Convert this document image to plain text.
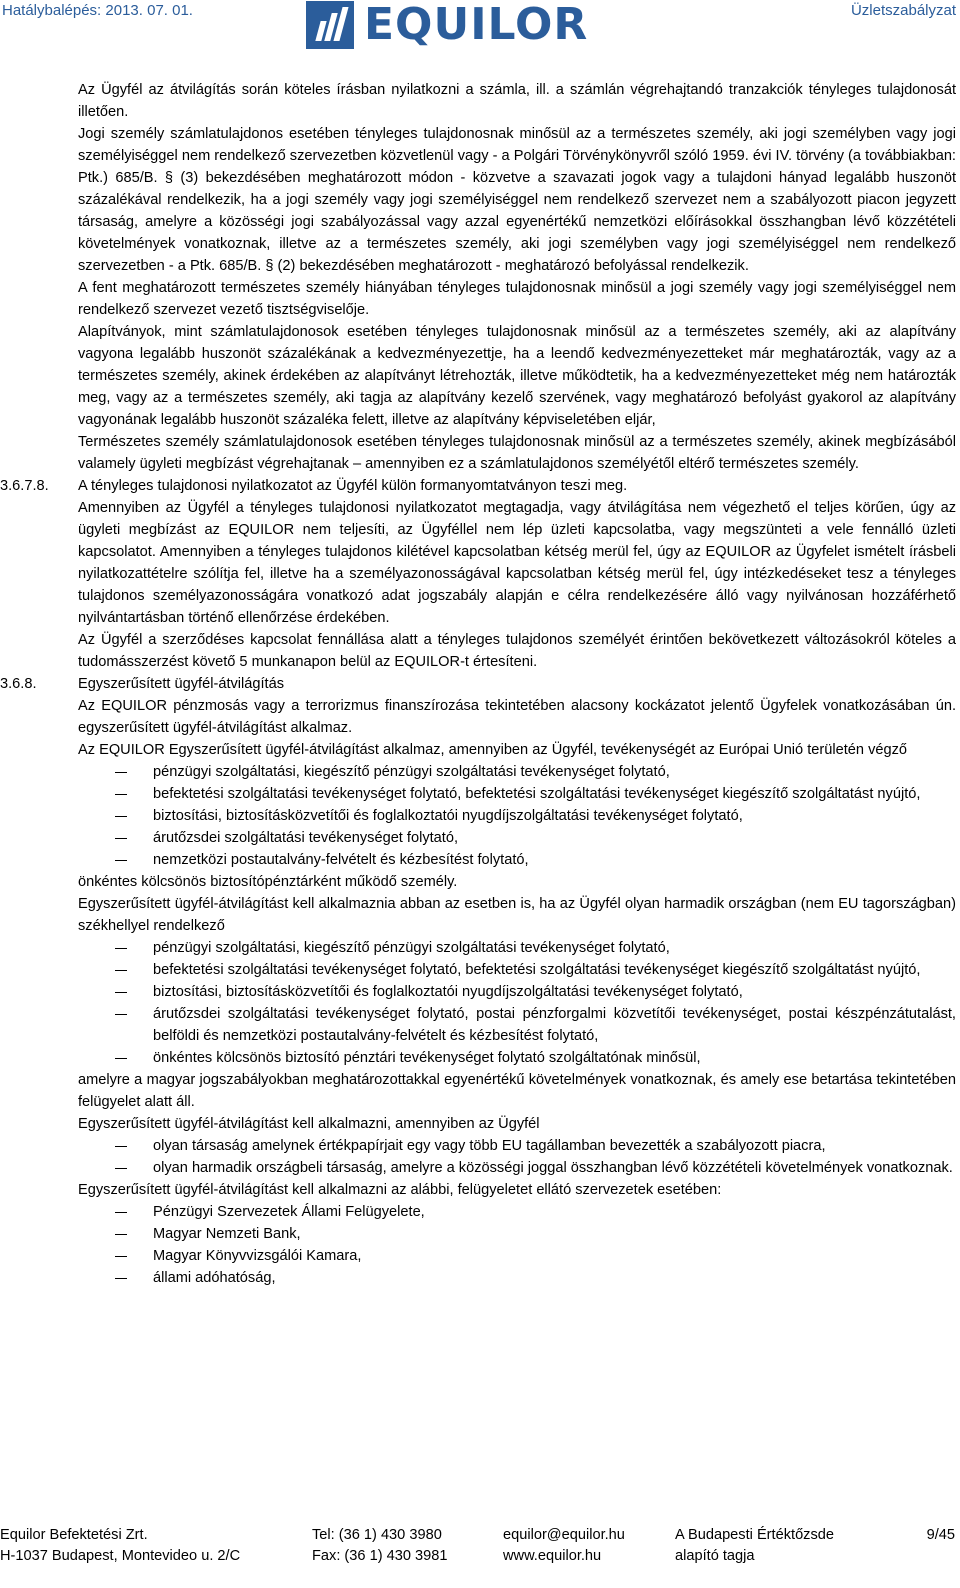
Hatálybalépés: 2013. 07. 01.	EQUILOR	Üzletszabályzat
Az Ügyfél az átvilágítás során köteles írásban nyilatkozni a számla, ill. a számlán végrehajtandó tranzakciók tényleges tulajdonosát illetően.
Jogi személy számlatulajdonos esetében tényleges tulajdonosnak minősül az a természetes személy, aki jogi személyben vagy jogi személyiséggel nem rendelkező szervezetben közvetlenül vagy - a Polgári Törvénykönyvről szóló 1959. évi IV. törvény (a továbbiakban: Ptk.) 685/B. § (3) bekezdésében meghatározott módon - közvetve a szavazati jogok vagy a tulajdoni hányad legalább huszonöt százalékával rendelkezik, ha a jogi személy vagy jogi személyiséggel nem rendelkező szervezet nem a szabályozott piacon jegyzett társaság, amelyre a közösségi jogi szabályozással vagy azzal egyenértékű nemzetközi előírásokkal összhangban lévő közzétételi követelmények vonatkoznak, illetve az a természetes személy, aki jogi személyben vagy jogi személyiséggel nem rendelkező szervezetben - a Ptk. 685/B. § (2) bekezdésében meghatározott - meghatározó befolyással rendelkezik.
A fent meghatározott természetes személy hiányában tényleges tulajdonosnak minősül a jogi személy vagy jogi személyiséggel nem rendelkező szervezet vezető tisztségviselője.
Alapítványok, mint számlatulajdonosok esetében tényleges tulajdonosnak minősül az a természetes személy, aki az alapítvány vagyona legalább huszonöt százalékának a kedvezményezettje, ha a leendő kedvezményezetteket már meghatározták, vagy az a természetes személy, akinek érdekében az alapítványt létrehozták, illetve működtetik, ha a kedvezményezetteket még nem határozták meg, vagy az a természetes személy, aki tagja az alapítvány kezelő szervének, vagy meghatározó befolyást gyakorol az alapítvány vagyonának legalább huszonöt százaléka felett, illetve az alapítvány képviseletében eljár,
Természetes személy számlatulajdonosok esetében tényleges tulajdonosnak minősül az a természetes személy, akinek megbízásából valamely ügyleti megbízást végrehajtanak – amennyiben ez a számlatulajdonos személyétől eltérő természetes személy.
3.6.7.8. A tényleges tulajdonosi nyilatkozatot az Ügyfél külön formanyomtatványon teszi meg.
Amennyiben az Ügyfél a tényleges tulajdonosi nyilatkozatot megtagadja, vagy átvilágítása nem végezhető el teljes körűen, úgy az ügyleti megbízást az EQUILOR nem teljesíti, az Ügyféllel nem lép üzleti kapcsolatba, vagy megszünteti a vele fennálló üzleti kapcsolatot. Amennyiben a tényleges tulajdonos kilétével kapcsolatban kétség merül fel, úgy az EQUILOR az Ügyfelet ismételt írásbeli nyilatkozattételre szólítja fel, illetve ha a személyazonosságával kapcsolatban kétség merül fel, úgy intézkedéseket tesz a tényleges tulajdonos személyazonosságára vonatkozó adat jogszabály alapján e célra rendelkezésére álló vagy nyilvánosan hozzáférhető nyilvántartásban történő ellenőrzése érdekében.
Az Ügyfél a szerződéses kapcsolat fennállása alatt a tényleges tulajdonos személyét érintően bekövetkezett változásokról köteles a tudomásszerzést követő 5 munkanapon belül az EQUILOR-t értesíteni.
3.6.8.	Egyszerűsített ügyfél-átvilágítás
Az EQUILOR pénzmosás vagy a terrorizmus finanszírozása tekintetében alacsony kockázatot jelentő Ügyfelek vonatkozásában ún. egyszerűsített ügyfél-átvilágítást alkalmaz.
Az EQUILOR Egyszerűsített ügyfél-átvilágítást alkalmaz, amennyiben az Ügyfél, tevékenységét az Európai Unió területén végző
pénzügyi szolgáltatási, kiegészítő pénzügyi szolgáltatási tevékenységet folytató,
befektetési szolgáltatási tevékenységet folytató, befektetési szolgáltatási tevékenységet kiegészítő szolgáltatást nyújtó,
biztosítási, biztosításközvetítői és foglalkoztatói nyugdíjszolgáltatási tevékenységet folytató,
árutőzsdei szolgáltatási tevékenységet folytató,
nemzetközi postautalvány-felvételt és kézbesítést folytató,
önkéntes kölcsönös biztosítópénztárként működő személy.
Egyszerűsített ügyfél-átvilágítást kell alkalmaznia abban az esetben is, ha az Ügyfél olyan harmadik országban (nem EU tagországban) székhellyel rendelkező
pénzügyi szolgáltatási, kiegészítő pénzügyi szolgáltatási tevékenységet folytató,
befektetési szolgáltatási tevékenységet folytató, befektetési szolgáltatási tevékenységet kiegészítő szolgáltatást nyújtó,
biztosítási, biztosításközvetítői és foglalkoztatói nyugdíjszolgáltatási tevékenységet folytató,
árutőzsdei szolgáltatási tevékenységet folytató, postai pénzforgalmi közvetítői tevékenységet, postai készpénzátutalást, belföldi és nemzetközi postautalvány-felvételt és kézbesítést folytató,
önkéntes kölcsönös biztosító pénztári tevékenységet folytató szolgáltatónak minősül,
amelyre a magyar jogszabályokban meghatározottakkal egyenértékű követelmények vonatkoznak, és amely ese betartása tekintetében felügyelet alatt áll.
Egyszerűsített ügyfél-átvilágítást kell alkalmazni, amennyiben az Ügyfél
olyan társaság amelynek értékpapírjait egy vagy több EU tagállamban bevezették a szabályozott piacra,
olyan harmadik országbeli társaság, amelyre a közösségi joggal összhangban lévő közzétételi követelmények vonatkoznak.
Egyszerűsített ügyfél-átvilágítást kell alkalmazni az alábbi, felügyeletet ellátó szervezetek esetében:
Pénzügyi Szervezetek Állami Felügyelete,
Magyar Nemzeti Bank,
Magyar Könyvvizsgálói Kamara,
állami adóhatóság,
Equilor Befektetési Zrt.
H-1037 Budapest, Montevideo u. 2/C
Tel: (36 1) 430 3980
Fax: (36 1) 430 3981
equilor@equilor.hu
www.equilor.hu
A Budapesti Értéktőzsde
alapító tagja
9/45
